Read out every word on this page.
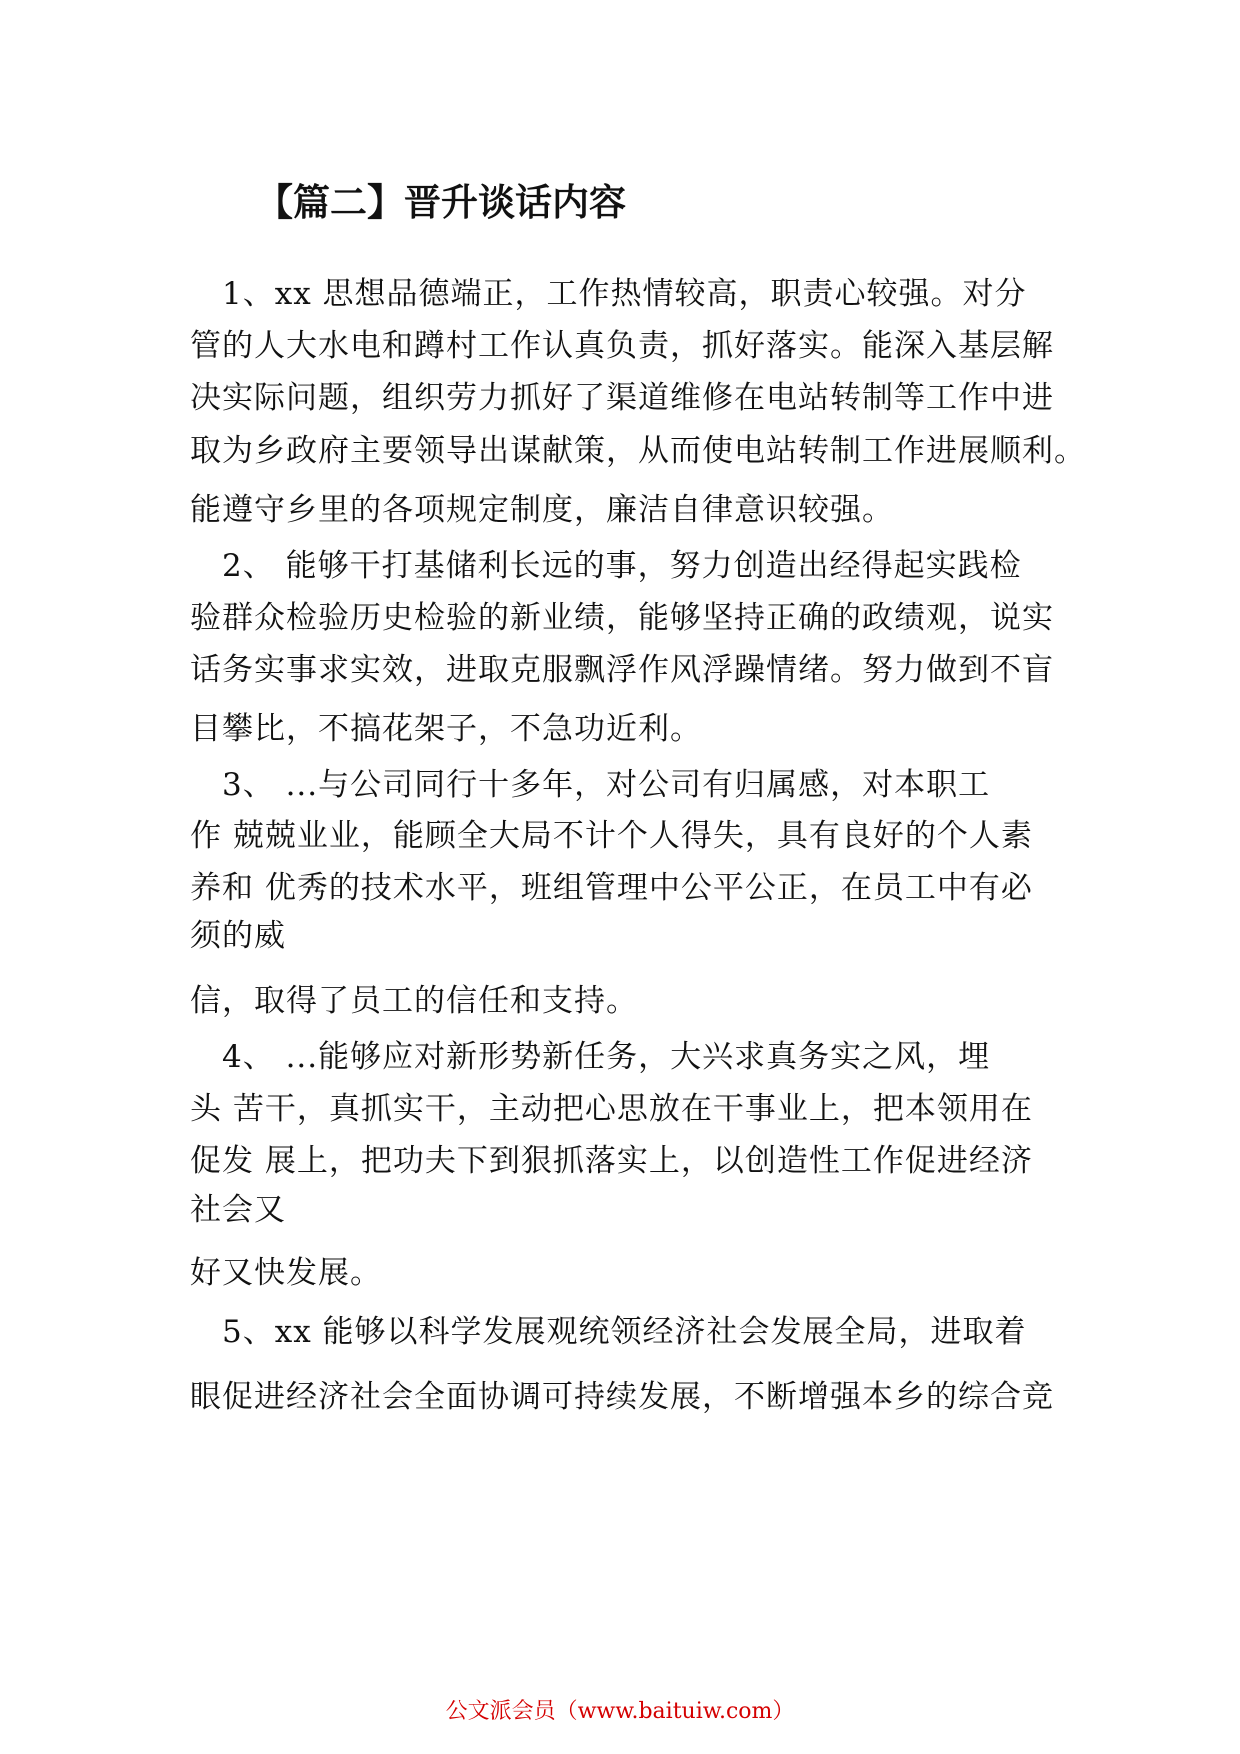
【篇二】晋升谈话内容

　1、xx 思想品德端正，工作热情较高，职责心较强。对分

管的人大水电和蹲村工作认真负责，抓好落实。能深入基层解

决实际问题，组织劳力抓好了渠道维修在电站转制等工作中进

取为乡政府主要领导出谋献策，从而使电站转制工作进展顺利。

能遵守乡里的各项规定制度，廉洁自律意识较强。

　2、 能够干打基储利长远的事，努力创造出经得起实践检

验群众检验历史检验的新业绩，能够坚持正确的政绩观，说实

话务实事求实效，进取克服飘浮作风浮躁情绪。努力做到不盲

目攀比，不搞花架子，不急功近利。

　3、 ...与公司同行十多年，对公司有归属感，对本职工

作 兢兢业业，能顾全大局不计个人得失，具有良好的个人素

养和 优秀的技术水平，班组管理中公平公正，在员工中有必

须的威

信，取得了员工的信任和支持。

　4、 ...能够应对新形势新任务，大兴求真务实之风，埋

头 苦干，真抓实干，主动把心思放在干事业上，把本领用在

促发 展上，把功夫下到狠抓落实上，以创造性工作促进经济

社会又

好又快发展。

　5、xx 能够以科学发展观统领经济社会发展全局，进取着

眼促进经济社会全面协调可持续发展，不断增强本乡的综合竞

公文派会员（www.baituiw.com）
